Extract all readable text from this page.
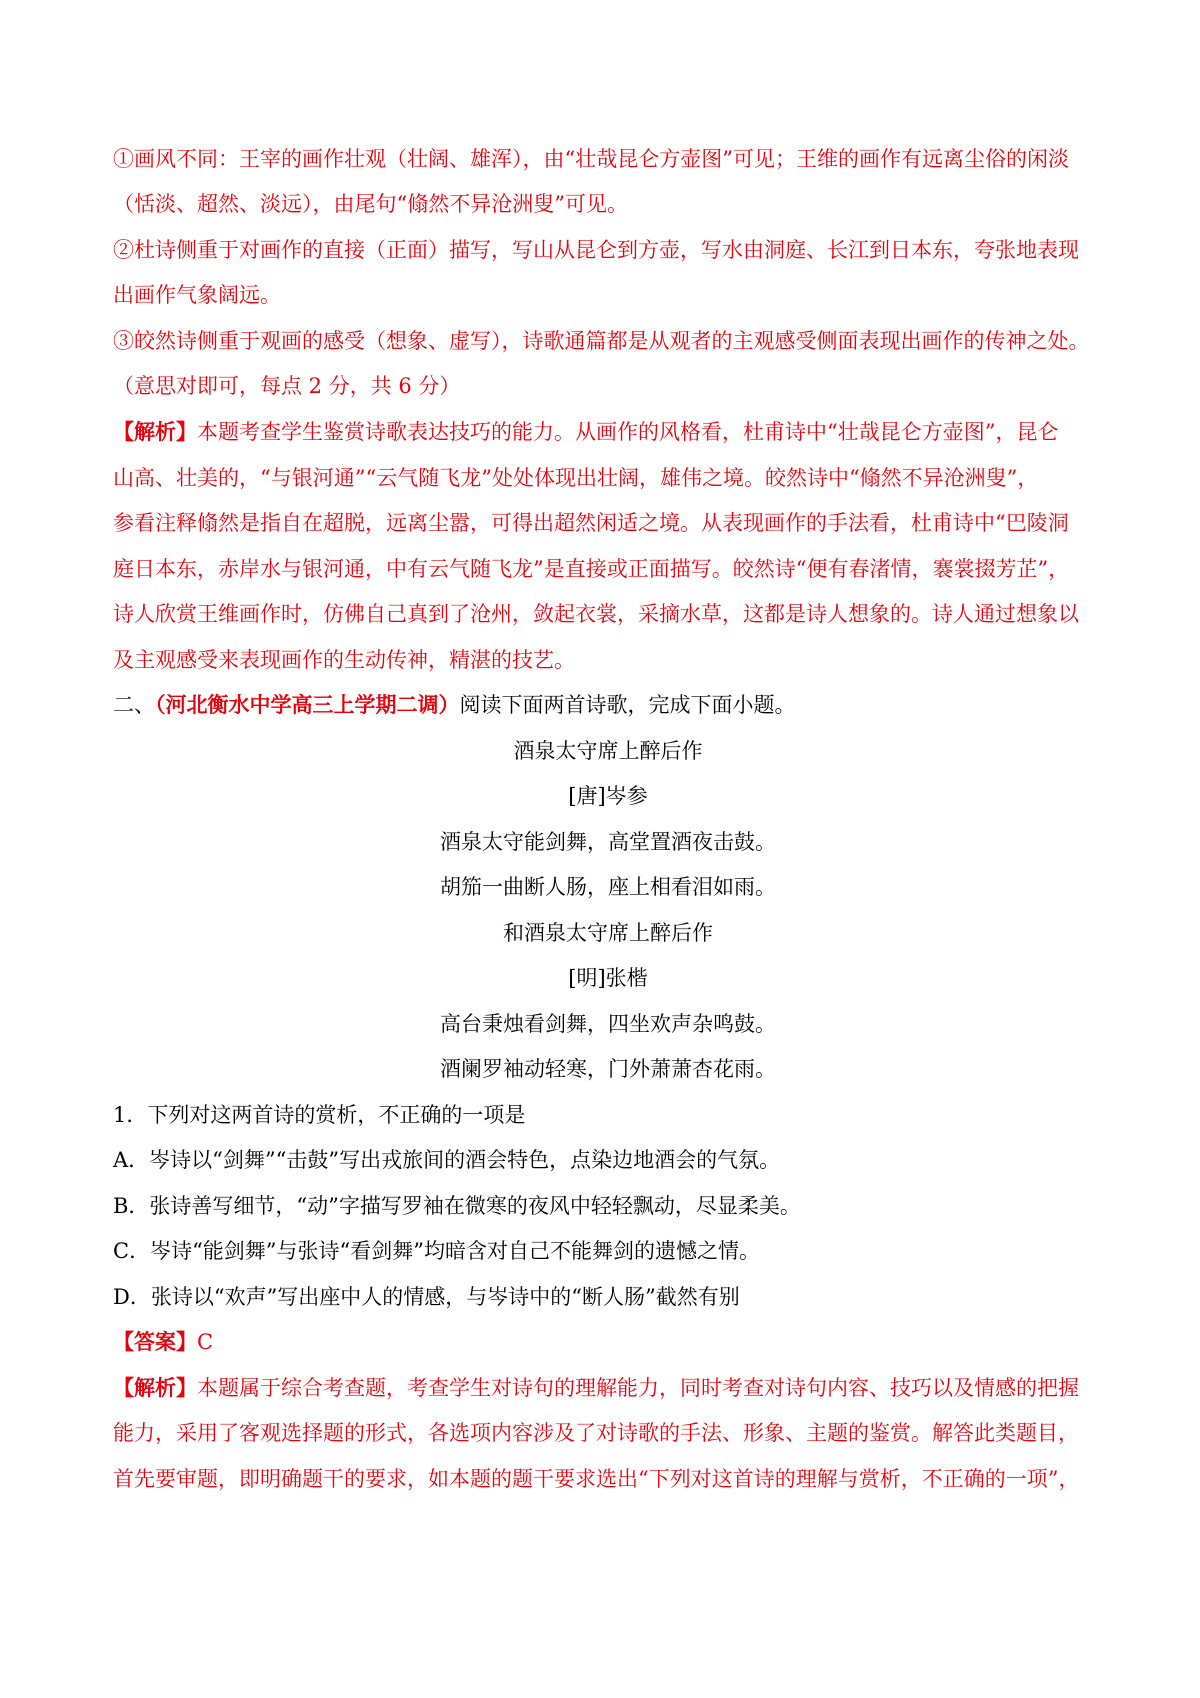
①画风不同：王宰的画作壮观（壮阔、雄浑），由“壮哉昆仑方壶图”可见；王维的画作有远离尘俗的闲淡
（恬淡、超然、淡远），由尾句“翛然不异沧洲叟”可见。
②杜诗侧重于对画作的直接（正面）描写，写山从昆仑到方壶，写水由洞庭、长江到日本东，夸张地表现
出画作气象阔远。
③皎然诗侧重于观画的感受（想象、虚写），诗歌通篇都是从观者的主观感受侧面表现出画作的传神之处。
（意思对即可，每点 2 分，共 6 分）
【解析】本题考查学生鉴赏诗歌表达技巧的能力。从画作的风格看，杜甫诗中“壮哉昆仑方壶图”，昆仑
山高、壮美的，“与银河通”“云气随飞龙”处处体现出壮阔，雄伟之境。皎然诗中“翛然不异沧洲叟”，
参看注释翛然是指自在超脱，远离尘嚣，可得出超然闲适之境。从表现画作的手法看，杜甫诗中“巴陵洞
庭日本东，赤岸水与银河通，中有云气随飞龙”是直接或正面描写。皎然诗“便有春渚情，褰裳掇芳芷”，
诗人欣赏王维画作时，仿佛自己真到了沧州，敛起衣裳，采摘水草，这都是诗人想象的。诗人通过想象以
及主观感受来表现画作的生动传神，精湛的技艺。
二、（河北衡水中学高三上学期二调）阅读下面两首诗歌，完成下面小题。
酒泉太守席上醉后作
[唐]岑参
酒泉太守能剑舞，高堂置酒夜击鼓。
胡笳一曲断人肠，座上相看泪如雨。
和酒泉太守席上醉后作
[明]张楷
高台秉烛看剑舞，四坐欢声杂鸣鼓。
酒阑罗袖动轻寒，门外萧萧杏花雨。
1．下列对这两首诗的赏析，不正确的一项是
A．岑诗以“剑舞”“击鼓”写出戎旅间的酒会特色，点染边地酒会的气氛。
B．张诗善写细节，“动”字描写罗袖在微寒的夜风中轻轻飘动，尽显柔美。
C．岑诗“能剑舞”与张诗“看剑舞”均暗含对自己不能舞剑的遗憾之情。
D．张诗以“欢声”写出座中人的情感，与岑诗中的“断人肠”截然有别
【答案】C
【解析】本题属于综合考查题，考查学生对诗句的理解能力，同时考查对诗句内容、技巧以及情感的把握
能力，采用了客观选择题的形式，各选项内容涉及了对诗歌的手法、形象、主题的鉴赏。解答此类题目，
首先要审题，即明确题干的要求，如本题的题干要求选出“下列对这首诗的理解与赏析，不正确的一项”，
